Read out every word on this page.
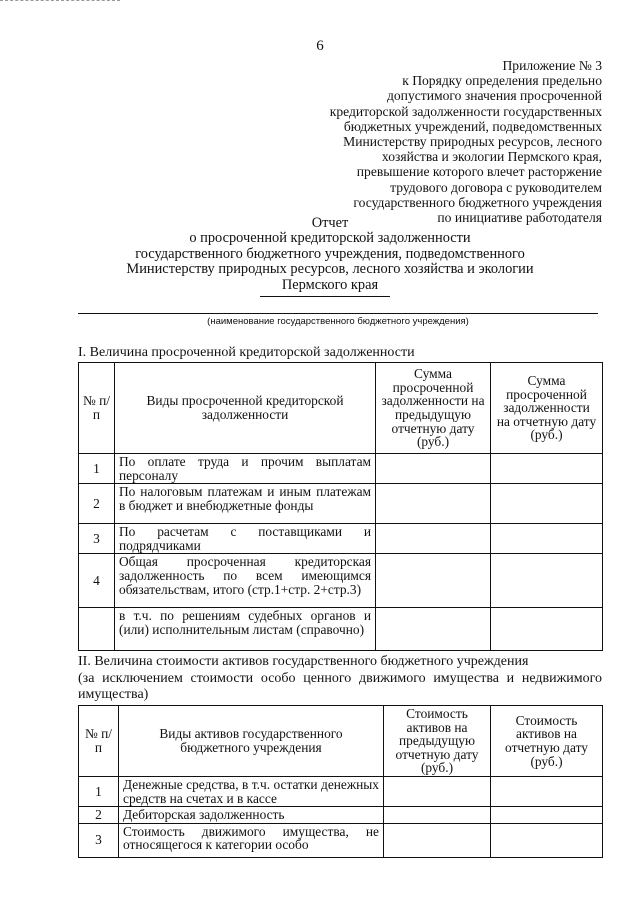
6
Приложение № 3
к Порядку определения предельно
допустимого значения просроченной
кредиторской задолженности государственных
бюджетных учреждений, подведомственных
Министерству природных ресурсов, лесного
хозяйства и экологии Пермского края,
превышение которого влечет расторжение
трудового договора с руководителем
государственного бюджетного учреждения
по инициативе работодателя
Отчет
о просроченной кредиторской задолженности
государственного бюджетного учреждения, подведомственного
Министерству природных ресурсов, лесного хозяйства и экологии
Пермского края
(наименование государственного бюджетного учреждения)
I. Величина просроченной кредиторской задолженности
№ п/п	Виды просроченной кредиторской задолженности	Сумма просроченной задолженности на предыдущую отчетную дату (руб.)	Сумма просроченной задолженности на отчетную дату (руб.)
1	По оплате труда и прочим выплатам персоналу		
2	По налоговым платежам и иным платежам в бюджет и внебюджетные фонды		
3	По расчетам с поставщиками и подрядчиками		
4	Общая просроченная кредиторская задолженность по всем имеющимся обязательствам, итого (стр.1+стр. 2+стр.3)		
	в т.ч. по решениям судебных органов и (или) исполнительным листам (справочно)		
II. Величина стоимости активов государственного бюджетного учреждения
(за исключением стоимости особо ценного движимого имущества и недвижимого имущества)
№ п/п	Виды активов государственного бюджетного учреждения	Стоимость активов на предыдущую отчетную дату (руб.)	Стоимость активов на отчетную дату (руб.)
1	Денежные средства, в т.ч. остатки денежных средств на счетах и в кассе		
2	Дебиторская задолженность		
3	Стоимость движимого имущества, не относящегося к категории особо		
